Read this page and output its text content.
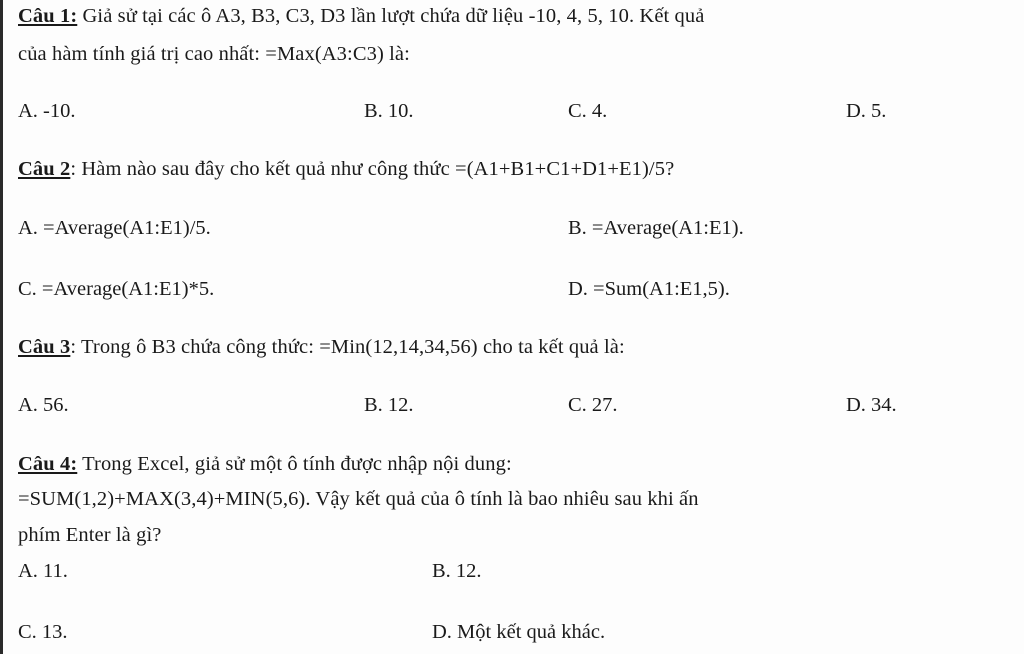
Câu 1: Giả sử tại các ô A3, B3, C3, D3 lần lượt chứa dữ liệu -10, 4, 5, 10. Kết quả
của hàm tính giá trị cao nhất: =Max(A3:C3) là:
A. -10.	B. 10.	C. 4.	D. 5.
Câu 2: Hàm nào sau đây cho kết quả như công thức =(A1+B1+C1+D1+E1)/5?
A. =Average(A1:E1)/5.	B. =Average(A1:E1).
C. =Average(A1:E1)*5.	D. =Sum(A1:E1,5).
Câu 3: Trong ô B3 chứa công thức: =Min(12,14,34,56) cho ta kết quả là:
A. 56.	B. 12.	C. 27.	D. 34.
Câu 4: Trong Excel, giả sử một ô tính được nhập nội dung:
=SUM(1,2)+MAX(3,4)+MIN(5,6). Vậy kết quả của ô tính là bao nhiêu sau khi ấn
phím Enter là gì?
A. 11.	B. 12.
C. 13.	D. Một kết quả khác.
